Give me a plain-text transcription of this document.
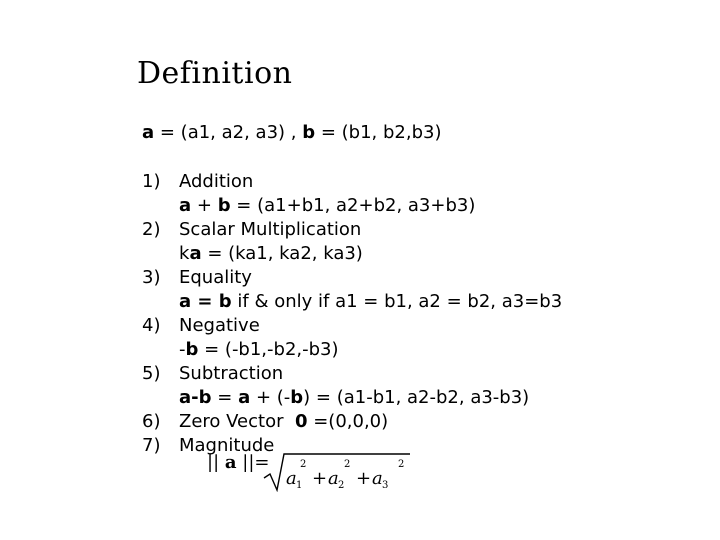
Definition
a = (a1, a2, a3) , b = (b1, b2,b3)
1) Addition
a + b = (a1+b1, a2+b2, a3+b3)
2) Scalar Multiplication
ka = (ka1, ka2, ka3)
3) Equality
a = b if & only if a1 = b1, a2 = b2, a3=b3
4) Negative
-b = (-b1,-b2,-b3)
5) Subtraction
a-b = a + (-b) = (a1-b1, a2-b2, a3-b3)
6) Zero Vector 0 =(0,0,0)
7) Magnitude
|| a ||=
a 1
2
+ a 2
2
+ a 3
2
